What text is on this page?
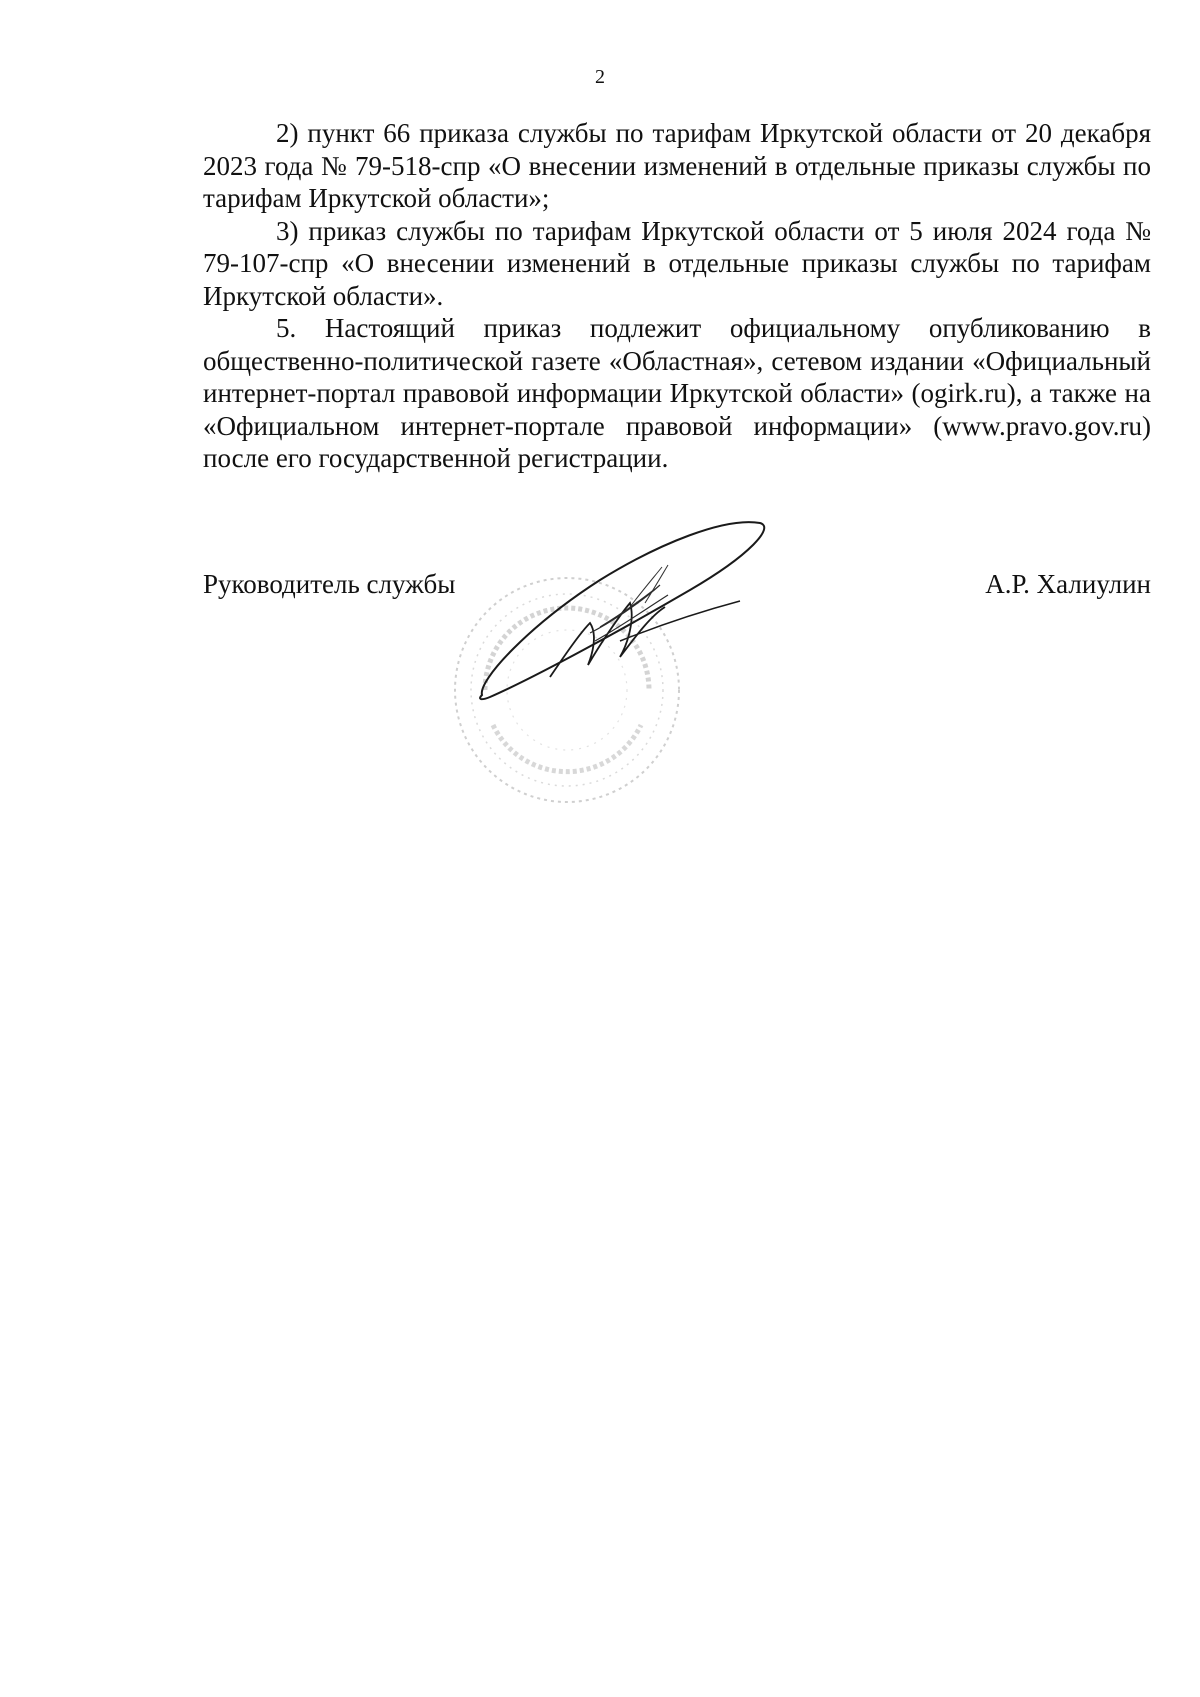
2

2) пункт 66 приказа службы по тарифам Иркутской области от 20 декабря 2023 года № 79-518-спр «О внесении изменений в отдельные приказы службы по тарифам Иркутской области»;

3) приказ службы по тарифам Иркутской области от 5 июля 2024 года № 79-107-спр «О внесении изменений в отдельные приказы службы по тарифам Иркутской области».

5. Настоящий приказ подлежит официальному опубликованию в общественно-политической газете «Областная», сетевом издании «Официальный интернет-портал правовой информации Иркутской области» (ogirk.ru), а также на «Официальном интернет-портале правовой информации» (www.pravo.gov.ru) после его государственной регистрации.

Руководитель службы	А.Р. Халиулин
